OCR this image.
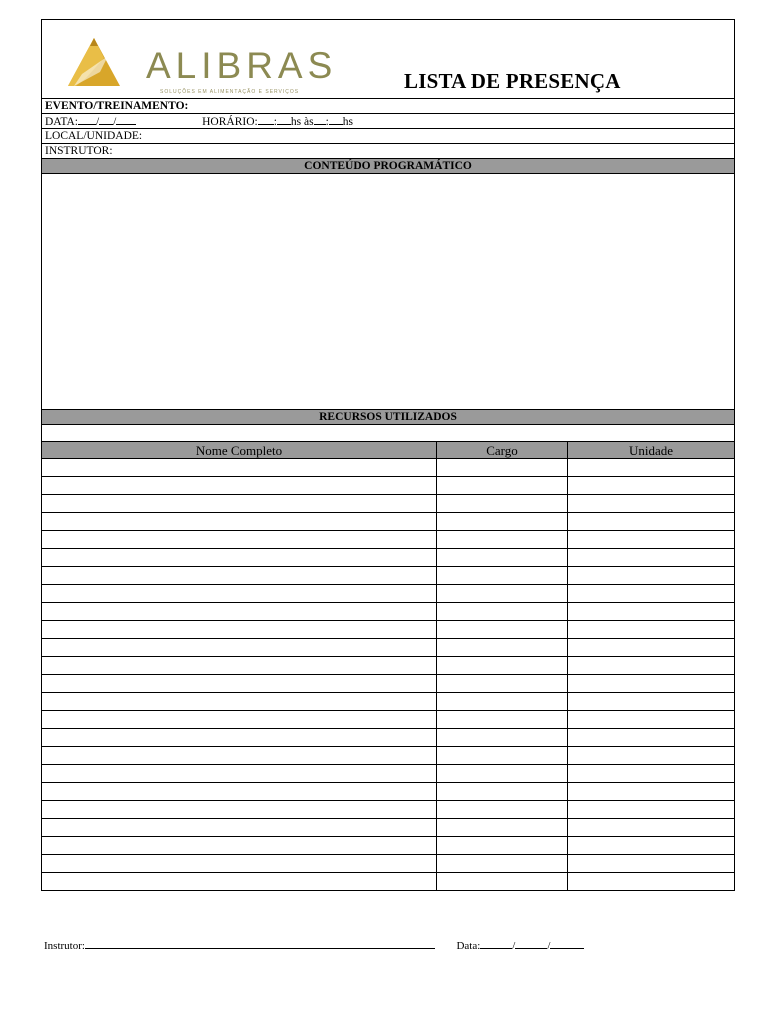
ALIBRAS
SOLUÇÕES EM ALIMENTAÇÃO E SERVIÇOS	LISTA DE PRESENÇA
EVENTO/TREINAMENTO:
DATA: / /	HORÁRIO: : hs às : hs
LOCAL/UNIDADE:
INSTRUTOR:
CONTEÚDO PROGRAMÁTICO
RECURSOS UTILIZADOS
Nome Completo	Cargo	Unidade

Instrutor:	Data:	/	/
